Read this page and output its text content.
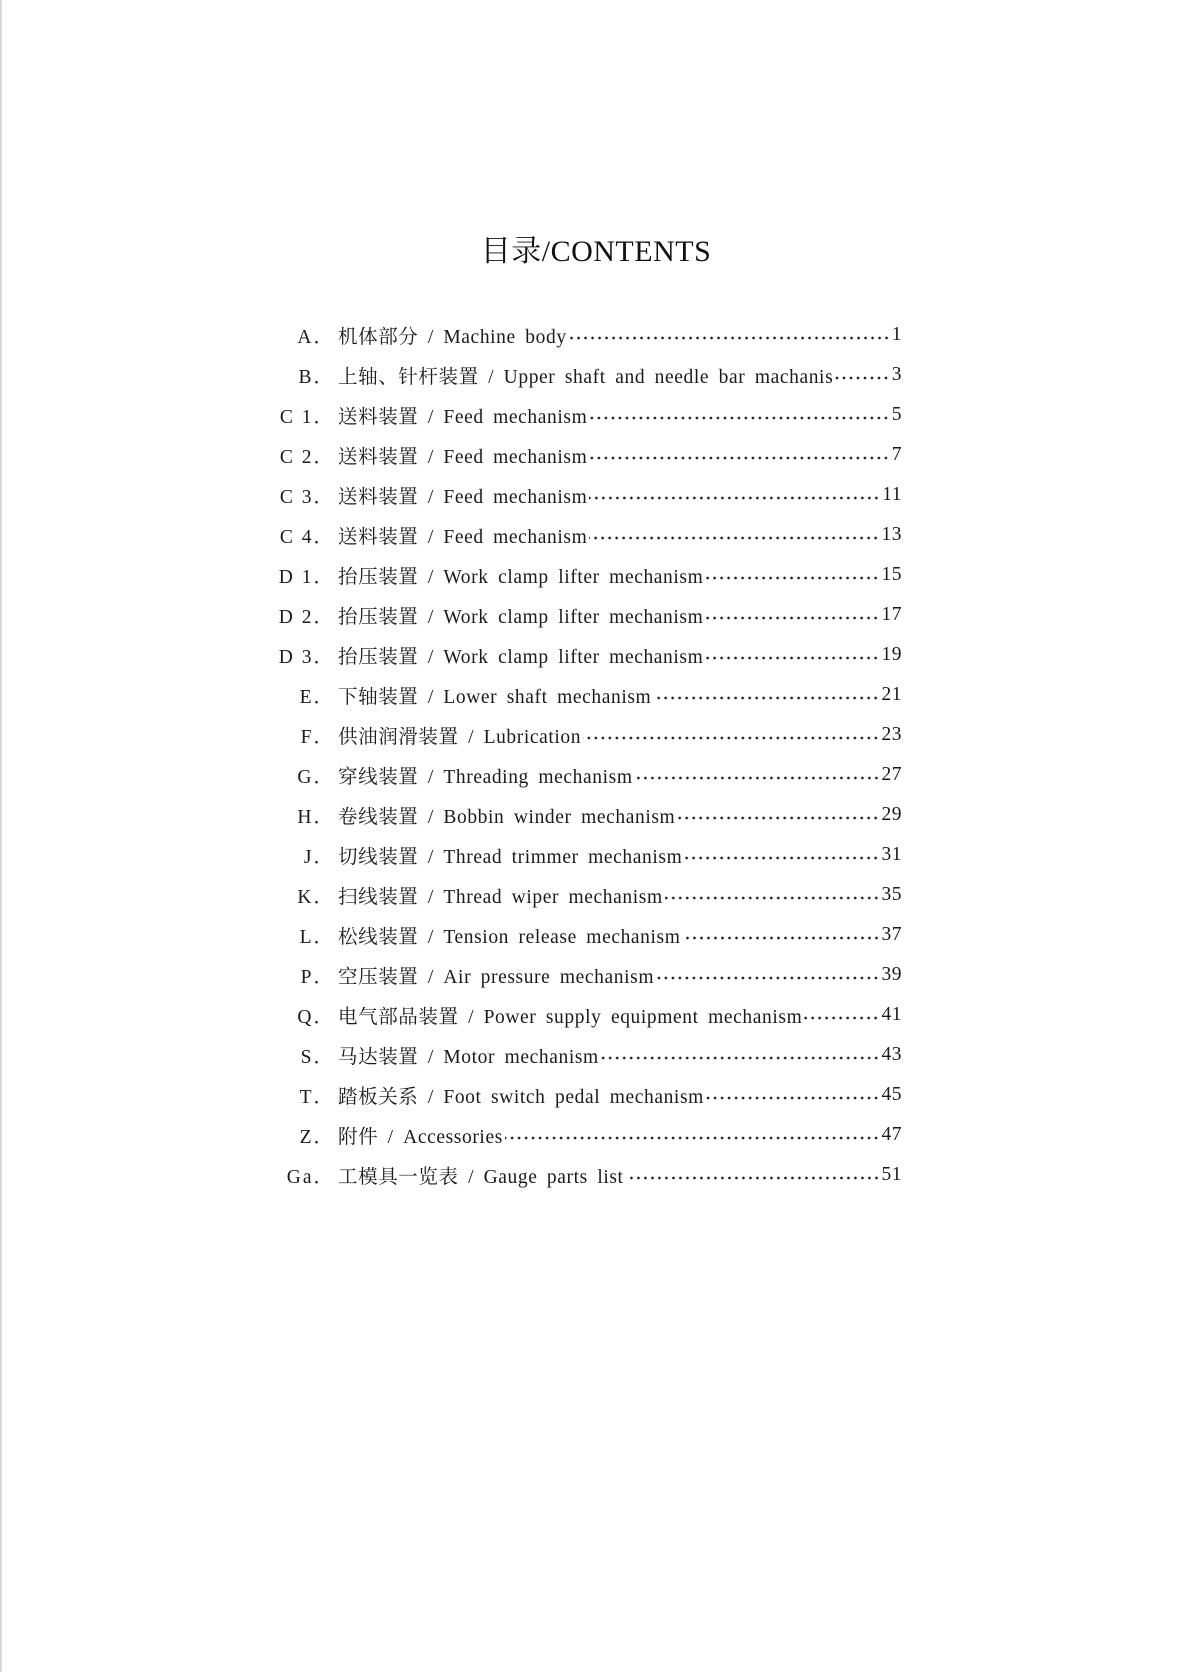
目录/CONTENTS
A． 机体部分 / Machine body	1
B． 上轴、针杆装置 / Upper shaft and needle bar machanis	3
C 1． 送料装置 / Feed mechanism	5
C 2． 送料装置 / Feed mechanism	7
C 3． 送料装置 / Feed mechanism	11
C 4． 送料装置 / Feed mechanism	13
D 1． 抬压装置 / Work clamp lifter mechanism	15
D 2． 抬压装置 / Work clamp lifter mechanism	17
D 3． 抬压装置 / Work clamp lifter mechanism	19
E． 下轴装置 / Lower shaft mechanism	21
F． 供油润滑装置 / Lubrication	23
G． 穿线装置 / Threading mechanism	27
H． 卷线装置 / Bobbin winder mechanism	29
J． 切线装置 / Thread trimmer mechanism	31
K． 扫线装置 / Thread wiper mechanism	35
L． 松线装置 / Tension release mechanism	37
P． 空压装置 / Air pressure mechanism	39
Q． 电气部品装置 / Power supply equipment mechanism	41
S． 马达装置 / Motor mechanism	43
T． 踏板关系 / Foot switch pedal mechanism	45
Z． 附件 / Accessories	47
Ga． 工模具一览表 / Gauge parts list	51
